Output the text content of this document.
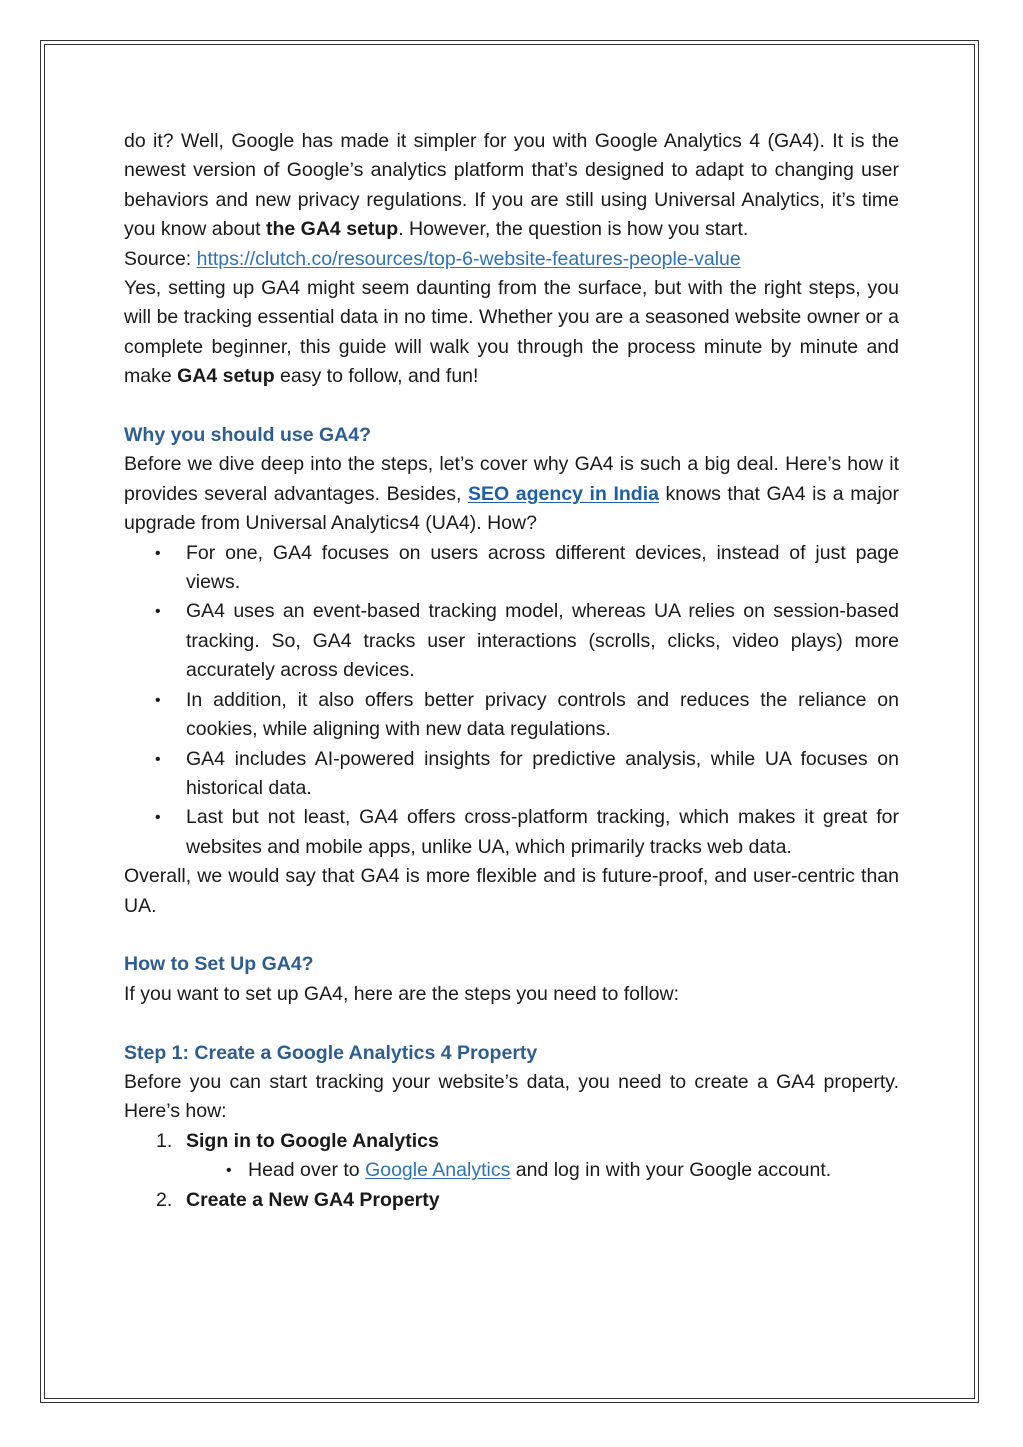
do it? Well, Google has made it simpler for you with Google Analytics 4 (GA4). It is the newest version of Google’s analytics platform that’s designed to adapt to changing user behaviors and new privacy regulations. If you are still using Universal Analytics, it’s time you know about the GA4 setup. However, the question is how you start.

Source: https://clutch.co/resources/top-6-website-features-people-value

Yes, setting up GA4 might seem daunting from the surface, but with the right steps, you will be tracking essential data in no time. Whether you are a seasoned website owner or a complete beginner, this guide will walk you through the process minute by minute and make GA4 setup easy to follow, and fun!

Why you should use GA4?

Before we dive deep into the steps, let’s cover why GA4 is such a big deal. Here’s how it provides several advantages. Besides, SEO agency in India knows that GA4 is a major upgrade from Universal Analytics4 (UA4). How?

• For one, GA4 focuses on users across different devices, instead of just page views.
• GA4 uses an event-based tracking model, whereas UA relies on session-based tracking. So, GA4 tracks user interactions (scrolls, clicks, video plays) more accurately across devices.
• In addition, it also offers better privacy controls and reduces the reliance on cookies, while aligning with new data regulations.
• GA4 includes AI-powered insights for predictive analysis, while UA focuses on historical data.
• Last but not least, GA4 offers cross-platform tracking, which makes it great for websites and mobile apps, unlike UA, which primarily tracks web data.

Overall, we would say that GA4 is more flexible and is future-proof, and user-centric than UA.

How to Set Up GA4?

If you want to set up GA4, here are the steps you need to follow:

Step 1: Create a Google Analytics 4 Property

Before you can start tracking your website’s data, you need to create a GA4 property. Here’s how:

1. Sign in to Google Analytics
• Head over to Google Analytics and log in with your Google account.
2. Create a New GA4 Property
